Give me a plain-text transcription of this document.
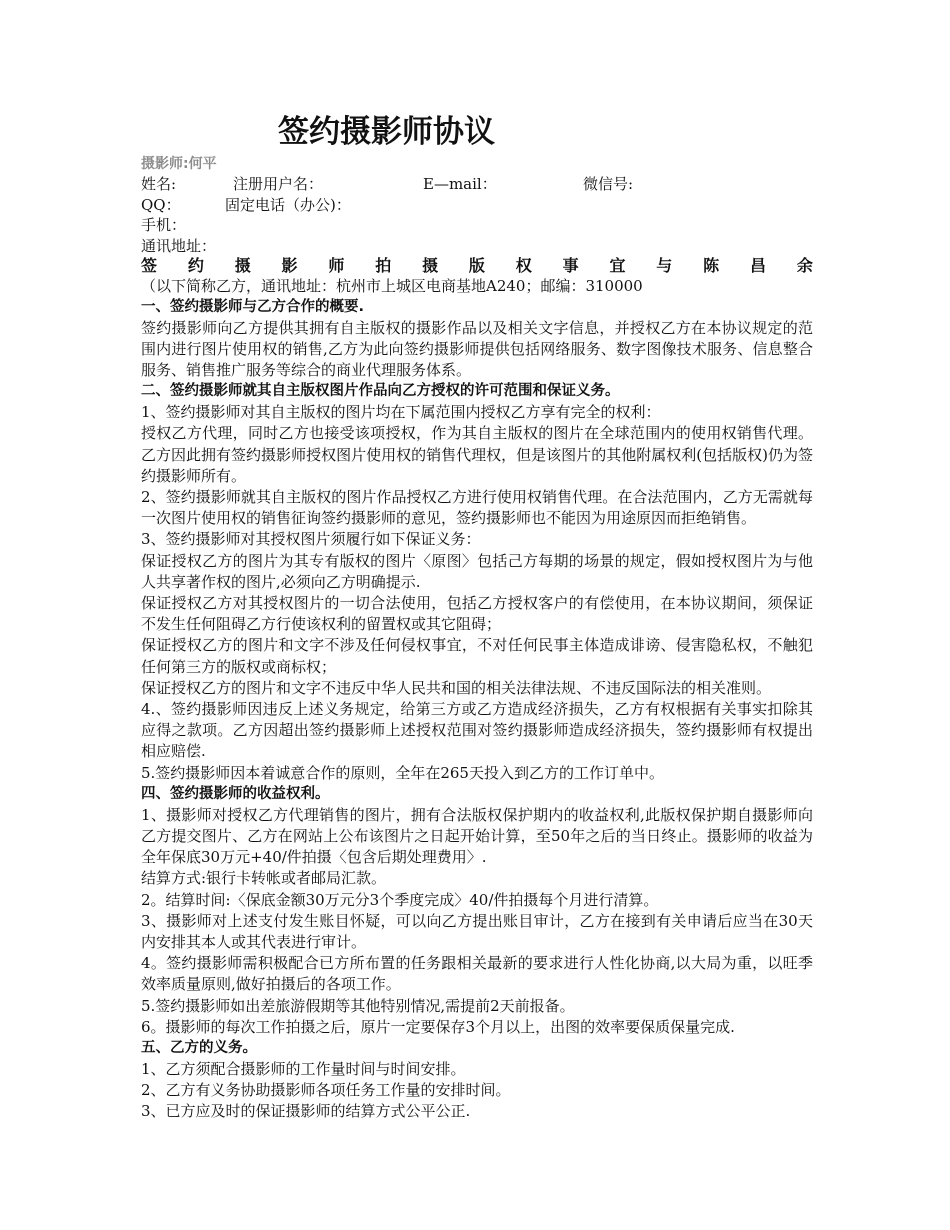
签约摄影师协议
摄影师:何平
姓名:	注册用户名：	E—mail：	微信号:
QQ：	固定电话（办公)：
手机：
通讯地址：
签 约 摄 影 师 拍 摄 版 权 事 宜 与 陈 昌 余
（以下简称乙方，通讯地址：杭州市上城区电商基地A240；邮编：310000
一、签约摄影师与乙方合作的概要.
签约摄影师向乙方提供其拥有自主版权的摄影作品以及相关文字信息，并授权乙方在本协议规定的范围内进行图片使用权的销售,乙方为此向签约摄影师提供包括网络服务、数字图像技术服务、信息整合服务、销售推广服务等综合的商业代理服务体系。
二、签约摄影师就其自主版权图片作品向乙方授权的许可范围和保证义务。
1、签约摄影师对其自主版权的图片均在下属范围内授权乙方享有完全的权利：
授权乙方代理，同时乙方也接受该项授权，作为其自主版权的图片在全球范围内的使用权销售代理。乙方因此拥有签约摄影师授权图片使用权的销售代理权，但是该图片的其他附属权利(包括版权)仍为签约摄影师所有。
2、签约摄影师就其自主版权的图片作品授权乙方进行使用权销售代理。在合法范围内，乙方无需就每一次图片使用权的销售征询签约摄影师的意见，签约摄影师也不能因为用途原因而拒绝销售。
3、签约摄影师对其授权图片须履行如下保证义务：
保证授权乙方的图片为其专有版权的图片〈原图〉包括己方每期的场景的规定，假如授权图片为与他人共享著作权的图片,必须向乙方明确提示.
保证授权乙方对其授权图片的一切合法使用，包括乙方授权客户的有偿使用，在本协议期间，须保证不发生任何阻碍乙方行使该权利的留置权或其它阻碍；
保证授权乙方的图片和文字不涉及任何侵权事宜，不对任何民事主体造成诽谤、侵害隐私权，不触犯任何第三方的版权或商标权；
保证授权乙方的图片和文字不违反中华人民共和国的相关法律法规、不违反国际法的相关准则。
4.、签约摄影师因违反上述义务规定，给第三方或乙方造成经济损失，乙方有权根据有关事实扣除其应得之款项。乙方因超出签约摄影师上述授权范围对签约摄影师造成经济损失，签约摄影师有权提出相应赔偿.
5.签约摄影师因本着诚意合作的原则，全年在265天投入到乙方的工作订单中。
四、签约摄影师的收益权利。
1、摄影师对授权乙方代理销售的图片，拥有合法版权保护期内的收益权利,此版权保护期自摄影师向乙方提交图片、乙方在网站上公布该图片之日起开始计算，至50年之后的当日终止。摄影师的收益为全年保底30万元+40/件拍摄〈包含后期处理费用〉.
结算方式:银行卡转帐或者邮局汇款。
2。结算时间:〈保底金额30万元分3个季度完成〉40/件拍摄每个月进行清算。
3、摄影师对上述支付发生账目怀疑，可以向乙方提出账目审计，乙方在接到有关申请后应当在30天内安排其本人或其代表进行审计。
4。签约摄影师需积极配合已方所布置的任务跟相关最新的要求进行人性化协商,以大局为重，以旺季效率质量原则,做好拍摄后的各项工作。
5.签约摄影师如出差旅游假期等其他特别情况,需提前2天前报备。
6。摄影师的每次工作拍摄之后，原片一定要保存3个月以上，出图的效率要保质保量完成.
五、乙方的义务。
1、乙方须配合摄影师的工作量时间与时间安排。
2、乙方有义务协助摄影师各项任务工作量的安排时间。
3、已方应及时的保证摄影师的结算方式公平公正.
